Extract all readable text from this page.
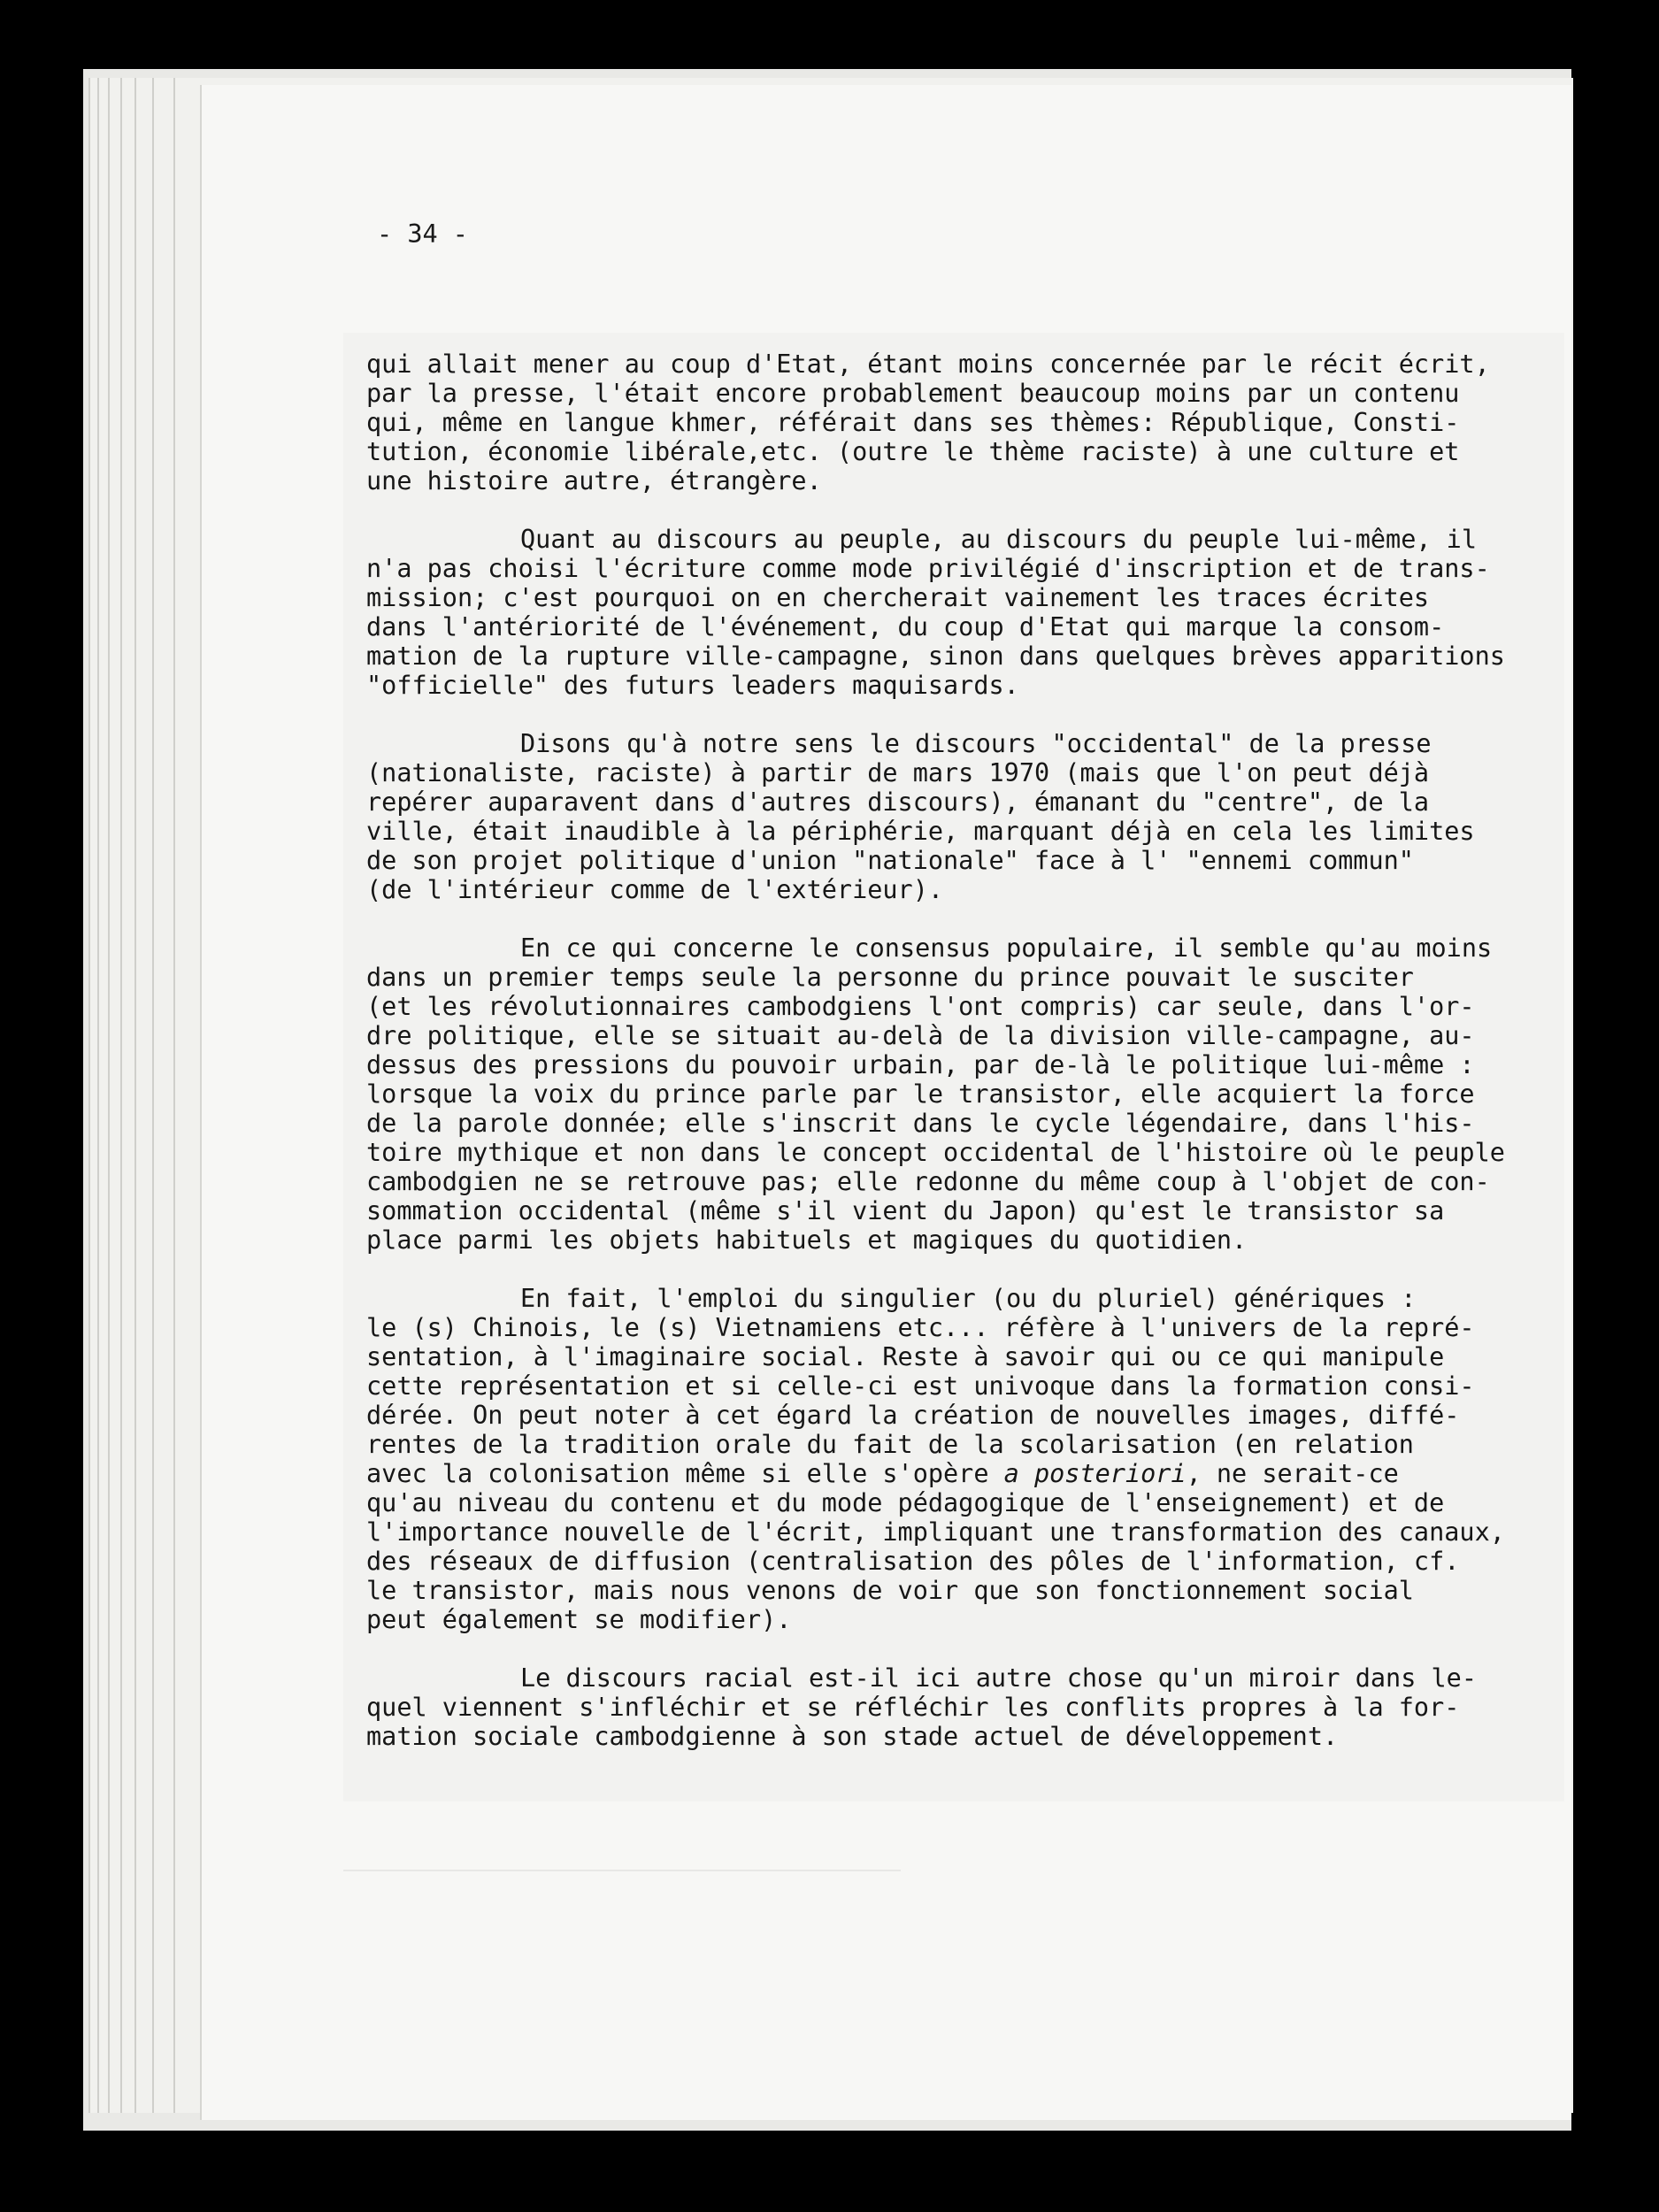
- 34 -
qui allait mener au coup d'Etat, étant moins concernée par le récit écrit,
par la presse, l'était encore probablement beaucoup moins par un contenu
qui, même en langue khmer, référait dans ses thèmes: République, Consti-
tution, économie libérale,etc. (outre le thème raciste) à une culture et
une histoire autre, étrangère.
Quant au discours au peuple, au discours du peuple lui-même, il
n'a pas choisi l'écriture comme mode privilégié d'inscription et de trans-
mission; c'est pourquoi on en chercherait vainement les traces écrites
dans l'antériorité de l'événement, du coup d'Etat qui marque la consom-
mation de la rupture ville-campagne, sinon dans quelques brèves apparitions
"officielle" des futurs leaders maquisards.
Disons qu'à notre sens le discours "occidental" de la presse
(nationaliste, raciste) à partir de mars 1970 (mais que l'on peut déjà
repérer auparavent dans d'autres discours), émanant du "centre", de la
ville, était inaudible à la périphérie, marquant déjà en cela les limites
de son projet politique d'union "nationale" face à l' "ennemi commun"
(de l'intérieur comme de l'extérieur).
En ce qui concerne le consensus populaire, il semble qu'au moins
dans un premier temps seule la personne du prince pouvait le susciter
(et les révolutionnaires cambodgiens l'ont compris) car seule, dans l'or-
dre politique, elle se situait au-delà de la division ville-campagne, au-
dessus des pressions du pouvoir urbain, par de-là le politique lui-même :
lorsque la voix du prince parle par le transistor, elle acquiert la force
de la parole donnée; elle s'inscrit dans le cycle légendaire, dans l'his-
toire mythique et non dans le concept occidental de l'histoire où le peuple
cambodgien ne se retrouve pas; elle redonne du même coup à l'objet de con-
sommation occidental (même s'il vient du Japon) qu'est le transistor sa
place parmi les objets habituels et magiques du quotidien.
En fait, l'emploi du singulier (ou du pluriel) génériques :
le (s) Chinois, le (s) Vietnamiens etc... réfère à l'univers de la repré-
sentation, à l'imaginaire social. Reste à savoir qui ou ce qui manipule
cette représentation et si celle-ci est univoque dans la formation consi-
dérée. On peut noter à cet égard la création de nouvelles images, diffé-
rentes de la tradition orale du fait de la scolarisation (en relation
avec la colonisation même si elle s'opère a posteriori, ne serait-ce
qu'au niveau du contenu et du mode pédagogique de l'enseignement) et de
l'importance nouvelle de l'écrit, impliquant une transformation des canaux,
des réseaux de diffusion (centralisation des pôles de l'information, cf.
le transistor, mais nous venons de voir que son fonctionnement social
peut également se modifier).
Le discours racial est-il ici autre chose qu'un miroir dans le-
quel viennent s'infléchir et se réfléchir les conflits propres à la for-
mation sociale cambodgienne à son stade actuel de développement.
